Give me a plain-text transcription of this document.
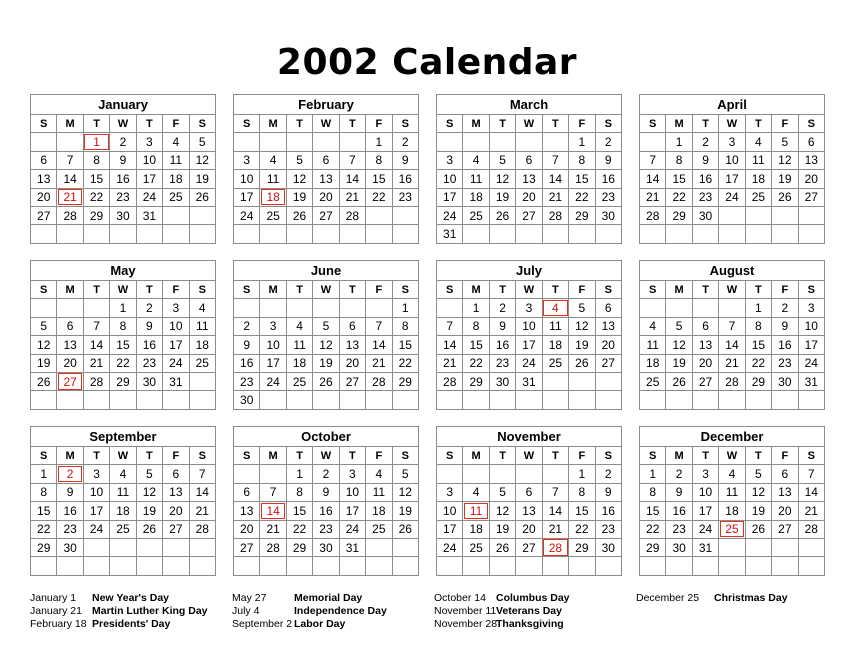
2002 Calendar
January						
S	M	T	W	T	F	S
		1	2	3	4	5
6	7	8	9	10	11	12
13	14	15	16	17	18	19
20	21	22	23	24	25	26
27	28	29	30	31		

February						
S	M	T	W	T	F	S
					1	2
3	4	5	6	7	8	9
10	11	12	13	14	15	16
17	18	19	20	21	22	23
24	25	26	27	28		

March						
S	M	T	W	T	F	S
					1	2
3	4	5	6	7	8	9
10	11	12	13	14	15	16
17	18	19	20	21	22	23
24	25	26	27	28	29	30
31						
April						
S	M	T	W	T	F	S
	1	2	3	4	5	6
7	8	9	10	11	12	13
14	15	16	17	18	19	20
21	22	23	24	25	26	27
28	29	30				

May						
S	M	T	W	T	F	S
			1	2	3	4
5	6	7	8	9	10	11
12	13	14	15	16	17	18
19	20	21	22	23	24	25
26	27	28	29	30	31	

June						
S	M	T	W	T	F	S
						1
2	3	4	5	6	7	8
9	10	11	12	13	14	15
16	17	18	19	20	21	22
23	24	25	26	27	28	29
30						
July						
S	M	T	W	T	F	S
	1	2	3	4	5	6
7	8	9	10	11	12	13
14	15	16	17	18	19	20
21	22	23	24	25	26	27
28	29	30	31			

August						
S	M	T	W	T	F	S
				1	2	3
4	5	6	7	8	9	10
11	12	13	14	15	16	17
18	19	20	21	22	23	24
25	26	27	28	29	30	31

September						
S	M	T	W	T	F	S
1	2	3	4	5	6	7
8	9	10	11	12	13	14
15	16	17	18	19	20	21
22	23	24	25	26	27	28
29	30					

October						
S	M	T	W	T	F	S
		1	2	3	4	5
6	7	8	9	10	11	12
13	14	15	16	17	18	19
20	21	22	23	24	25	26
27	28	29	30	31		

November						
S	M	T	W	T	F	S
					1	2
3	4	5	6	7	8	9
10	11	12	13	14	15	16
17	18	19	20	21	22	23
24	25	26	27	28	29	30

December						
S	M	T	W	T	F	S
1	2	3	4	5	6	7
8	9	10	11	12	13	14
15	16	17	18	19	20	21
22	23	24	25	26	27	28
29	30	31				

January 1 New Year's Day
January 21 Martin Luther King Day
February 18 Presidents' Day
May 27	Memorial Day
July 4	Independence Day
September 2 Labor Day
October 14 Columbus Day
November 11Veterans Day
November 28Thanksgiving
December 25 Christmas Day
